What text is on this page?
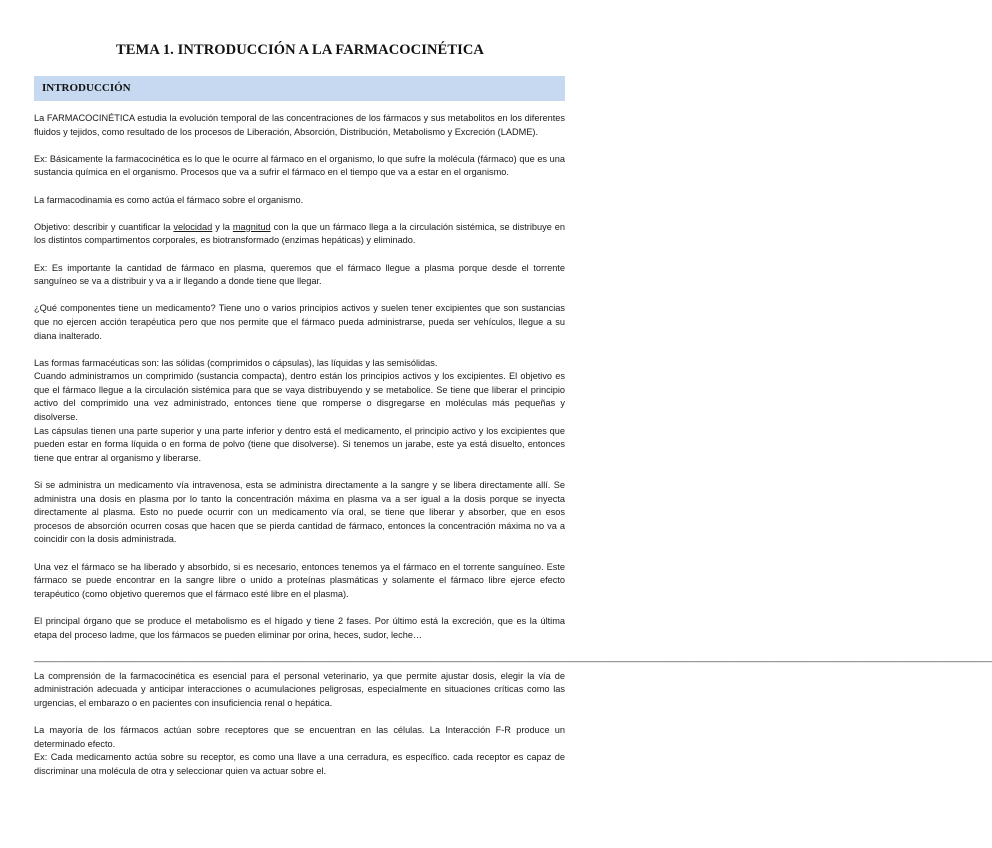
TEMA 1. INTRODUCCIÓN A LA FARMACOCINÉTICA
INTRODUCCIÓN

La FARMACOCINÉTICA estudia la evolución temporal de las concentraciones de los fármacos y sus metabolitos en los diferentes fluidos y tejidos, como resultado de los procesos de Liberación, Absorción, Distribución, Metabolismo y Excreción (LADME).

Ex: Básicamente la farmacocinética es lo que le ocurre al fármaco en el organismo, lo que sufre la molécula (fármaco) que es una sustancia química en el organismo. Procesos que va a sufrir el fármaco en el tiempo que va a estar en el organismo.

La farmacodinamia es como actúa el fármaco sobre el organismo.

Objetivo: describir y cuantificar la velocidad y la magnitud con la que un fármaco llega a la circulación sistémica, se distribuye en los distintos compartimentos corporales, es biotransformado (enzimas hepáticas) y eliminado.

Ex: Es importante la cantidad de fármaco en plasma, queremos que el fármaco llegue a plasma porque desde el torrente sanguíneo se va a distribuir y va a ir llegando a donde tiene que llegar.

¿Qué componentes tiene un medicamento? Tiene uno o varios principios activos y suelen tener excipientes que son sustancias que no ejercen acción terapéutica pero que nos permite que el fármaco pueda administrarse, pueda ser vehículos, llegue a su diana inalterado.

Las formas farmacéuticas son: las sólidas (comprimidos o cápsulas), las líquidas y las semisólidas.

Cuando administramos un comprimido (sustancia compacta), dentro están los principios activos y los excipientes. El objetivo es que el fármaco llegue a la circulación sistémica para que se vaya distribuyendo y se metabolice. Se tiene que liberar el principio activo del comprimido una vez administrado, entonces tiene que romperse o disgregarse en moléculas más pequeñas y disolverse.

Las cápsulas tienen una parte superior y una parte inferior y dentro está el medicamento, el principio activo y los excipientes que pueden estar en forma líquida o en forma de polvo (tiene que disolverse). Si tenemos un jarabe, este ya está disuelto, entonces tiene que entrar al organismo y liberarse.

Si se administra un medicamento vía intravenosa, esta se administra directamente a la sangre y se libera directamente allí. Se administra una dosis en plasma por lo tanto la concentración máxima en plasma va a ser igual a la dosis porque se inyecta directamente al plasma. Esto no puede ocurrir con un medicamento vía oral, se tiene que liberar y absorber, que en esos procesos de absorción ocurren cosas que hacen que se pierda cantidad de fármaco, entonces la concentración máxima no va a coincidir con la dosis administrada.

Una vez el fármaco se ha liberado y absorbido, si es necesario, entonces tenemos ya el fármaco en el torrente sanguíneo. Este fármaco se puede encontrar en la sangre libre o unido a proteínas plasmáticas y solamente el fármaco libre ejerce efecto terapéutico (como objetivo queremos que el fármaco esté libre en el plasma).

El principal órgano que se produce el metabolismo es el hígado y tiene 2 fases. Por último está la excreción, que es la última etapa del proceso ladme, que los fármacos se pueden eliminar por orina, heces, sudor, leche…

——————————————————————————————————————————————————————————————————————————————————————————————————————————————————

La comprensión de la farmacocinética es esencial para el personal veterinario, ya que permite ajustar dosis, elegir la vía de administración adecuada y anticipar interacciones o acumulaciones peligrosas, especialmente en situaciones críticas como las urgencias, el embarazo o en pacientes con insuficiencia renal o hepática.

La mayoría de los fármacos actúan sobre receptores que se encuentran en las células. La Interacción F-R produce un determinado efecto.

Ex: Cada medicamento actúa sobre su receptor, es como una llave a una cerradura, es específico. cada receptor es capaz de discriminar una molécula de otra y seleccionar quien va actuar sobre el.
